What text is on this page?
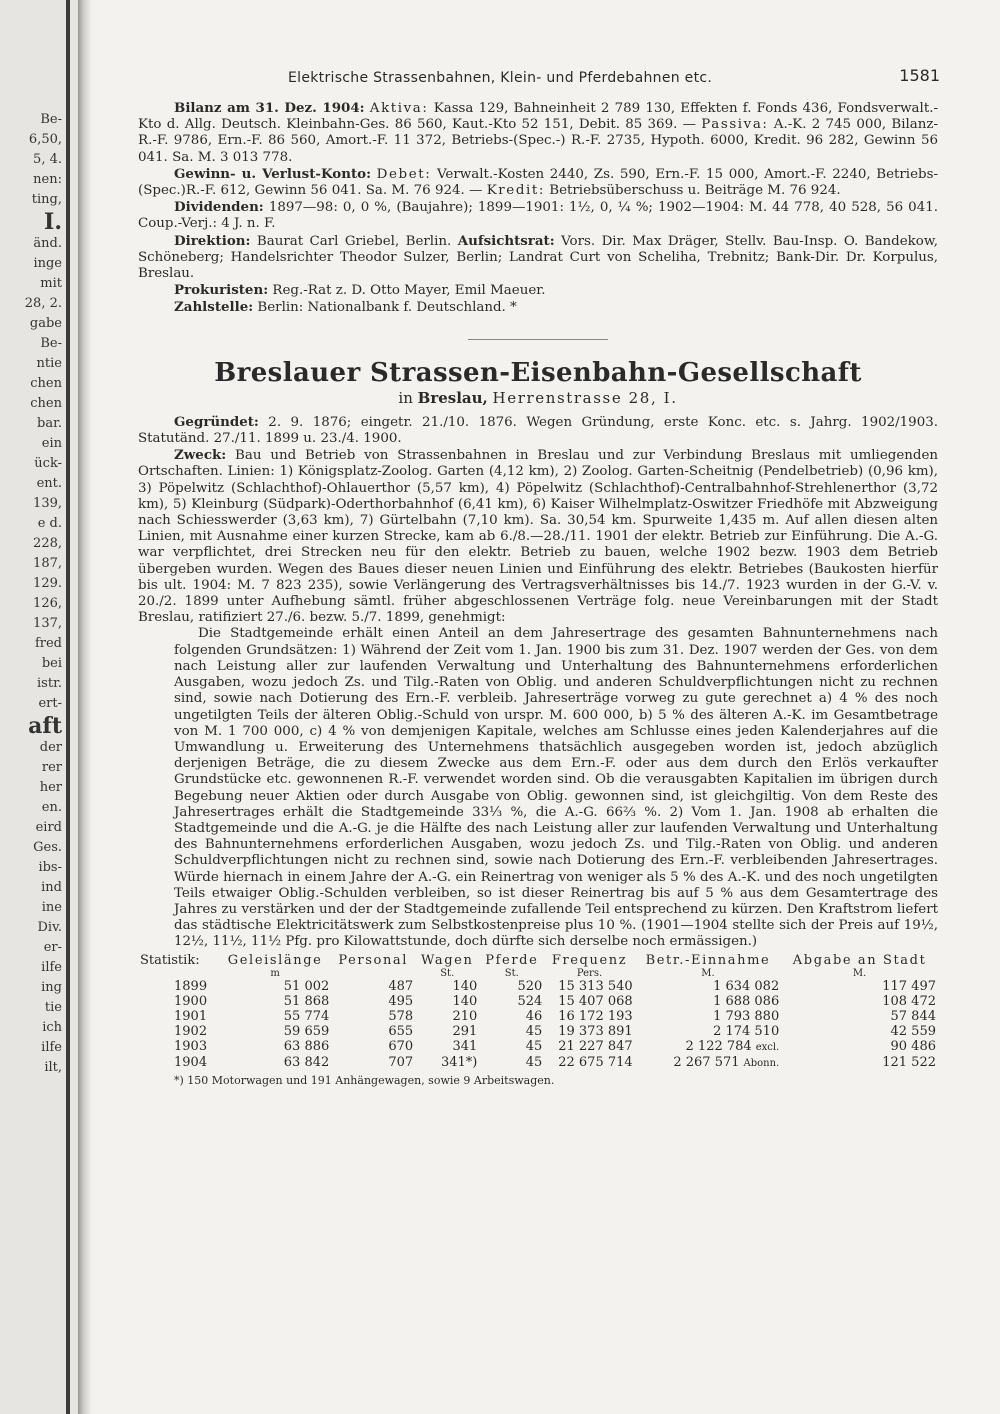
Be-
6,50,
5, 4.
nen:
ting,
I.
änd.
inge
mit
28, 2.
gabe
Be-
ntie
chen
chen
bar.
ein
ück-
ent.
139,
e d.
228,
187,
129.
126,
137,
fred
bei
istr.
ert-
aft
der
rer
her
en.
eird
Ges.
ibs-
ind
ine
Div.
er-
ilfe
ing
tie
ich
ilfe
ilt,
Elektrische Strassenbahnen, Klein- und Pferdebahnen etc.	1581

Bilanz am 31. Dez. 1904: Aktiva: Kassa 129, Bahneinheit 2 789 130, Effekten f. Fonds 436, Fondsverwalt.-Kto d. Allg. Deutsch. Kleinbahn-Ges. 86 560, Kaut.-Kto 52 151, Debit. 85 369. — Passiva: A.-K. 2 745 000, Bilanz-R.-F. 9786, Ern.-F. 86 560, Amort.-F. 11 372, Betriebs-(Spec.-) R.-F. 2735, Hypoth. 6000, Kredit. 96 282, Gewinn 56 041. Sa. M. 3 013 778.

Gewinn- u. Verlust-Konto: Debet: Verwalt.-Kosten 2440, Zs. 590, Ern.-F. 15 000, Amort.-F. 2240, Betriebs-(Spec.)R.-F. 612, Gewinn 56 041. Sa. M. 76 924. — Kredit: Betriebsüberschuss u. Beiträge M. 76 924.

Dividenden: 1897—98: 0, 0 %, (Baujahre); 1899—1901: 1½, 0, ¼ %; 1902—1904: M. 44 778, 40 528, 56 041. Coup.-Verj.: 4 J. n. F.

Direktion: Baurat Carl Griebel, Berlin. Aufsichtsrat: Vors. Dir. Max Dräger, Stellv. Bau-Insp. O. Bandekow, Schöneberg; Handelsrichter Theodor Sulzer, Berlin; Landrat Curt von Scheliha, Trebnitz; Bank-Dir. Dr. Korpulus, Breslau.

Prokuristen: Reg.-Rat z. D. Otto Mayer, Emil Maeuer.

Zahlstelle: Berlin: Nationalbank f. Deutschland. *

Breslauer Strassen-Eisenbahn-Gesellschaft
in Breslau, Herrenstrasse 28, I.

Gegründet: 2. 9. 1876; eingetr. 21./10. 1876. Wegen Gründung, erste Konc. etc. s. Jahrg. 1902/1903. Statutänd. 27./11. 1899 u. 23./4. 1900.

Zweck: Bau und Betrieb von Strassenbahnen in Breslau und zur Verbindung Breslaus mit umliegenden Ortschaften. Linien: 1) Königsplatz-Zoolog. Garten (4,12 km), 2) Zoolog. Garten-Scheitnig (Pendelbetrieb) (0,96 km), 3) Pöpelwitz (Schlachthof)-Ohlauerthor (5,57 km), 4) Pöpelwitz (Schlachthof)-Centralbahnhof-Strehlenerthor (3,72 km), 5) Kleinburg (Südpark)-Oderthorbahnhof (6,41 km), 6) Kaiser Wilhelmplatz-Oswitzer Friedhöfe mit Abzweigung nach Schiesswerder (3,63 km), 7) Gürtelbahn (7,10 km). Sa. 30,54 km. Spurweite 1,435 m. Auf allen diesen alten Linien, mit Ausnahme einer kurzen Strecke, kam ab 6./8.—28./11. 1901 der elektr. Betrieb zur Einführung. Die A.-G. war verpflichtet, drei Strecken neu für den elektr. Betrieb zu bauen, welche 1902 bezw. 1903 dem Betrieb übergeben wurden. Wegen des Baues dieser neuen Linien und Einführung des elektr. Betriebes (Baukosten hierfür bis ult. 1904: M. 7 823 235), sowie Verlängerung des Vertragsverhältnisses bis 14./7. 1923 wurden in der G.-V. v. 20./2. 1899 unter Aufhebung sämtl. früher abgeschlossenen Verträge folg. neue Vereinbarungen mit der Stadt Breslau, ratifiziert 27./6. bezw. 5./7. 1899, genehmigt:

Die Stadtgemeinde erhält einen Anteil an dem Jahresertrage des gesamten Bahnunternehmens nach folgenden Grundsätzen: 1) Während der Zeit vom 1. Jan. 1900 bis zum 31. Dez. 1907 werden der Ges. von dem nach Leistung aller zur laufenden Verwaltung und Unterhaltung des Bahnunternehmens erforderlichen Ausgaben, wozu jedoch Zs. und Tilg.-Raten von Oblig. und anderen Schuldverpflichtungen nicht zu rechnen sind, sowie nach Dotierung des Ern.-F. verbleib. Jahreserträge vorweg zu gute gerechnet a) 4 % des noch ungetilgten Teils der älteren Oblig.-Schuld von urspr. M. 600 000, b) 5 % des älteren A.-K. im Gesamtbetrage von M. 1 700 000, c) 4 % von demjenigen Kapitale, welches am Schlusse eines jeden Kalenderjahres auf die Umwandlung u. Erweiterung des Unternehmens thatsächlich ausgegeben worden ist, jedoch abzüglich derjenigen Beträge, die zu diesem Zwecke aus dem Ern.-F. oder aus dem durch den Erlös verkaufter Grundstücke etc. gewonnenen R.-F. verwendet worden sind. Ob die verausgabten Kapitalien im übrigen durch Begebung neuer Aktien oder durch Ausgabe von Oblig. gewonnen sind, ist gleichgiltig. Von dem Reste des Jahresertrages erhält die Stadtgemeinde 33⅓ %, die A.-G. 66⅔ %. 2) Vom 1. Jan. 1908 ab erhalten die Stadtgemeinde und die A.-G. je die Hälfte des nach Leistung aller zur laufenden Verwaltung und Unterhaltung des Bahnunternehmens erforderlichen Ausgaben, wozu jedoch Zs. und Tilg.-Raten von Oblig. und anderen Schuldverpflichtungen nicht zu rechnen sind, sowie nach Dotierung des Ern.-F. verbleibenden Jahresertrages. Würde hiernach in einem Jahre der A.-G. ein Reinertrag von weniger als 5 % des A.-K. und des noch ungetilgten Teils etwaiger Oblig.-Schulden verbleiben, so ist dieser Reinertrag bis auf 5 % aus dem Gesamtertrage des Jahres zu verstärken und der der Stadtgemeinde zufallende Teil entsprechend zu kürzen. Den Kraftstrom liefert das städtische Elektricitätswerk zum Selbstkostenpreise plus 10 %. (1901—1904 stellte sich der Preis auf 19½, 12½, 11½, 11½ Pfg. pro Kilowattstunde, doch dürfte sich derselbe noch ermässigen.)

Statistik:	Geleislänge	Personal	Wagen	Pferde	Frequenz	Betr.-Einnahme	Abgabe an Stadt
	m		St.	St.	Pers.	M.	M.
1899	51 002	487	140	520	15 313 540	1 634 082	117 497
1900	51 868	495	140	524	15 407 068	1 688 086	108 472
1901	55 774	578	210	46	16 172 193	1 793 880	57 844
1902	59 659	655	291	45	19 373 891	2 174 510	42 559
1903	63 886	670	341	45	21 227 847	2 122 784 excl.	90 486
1904	63 842	707	341*)	45	22 675 714	2 267 571 Abonn.	121 522
*) 150 Motorwagen und 191 Anhängewagen, sowie 9 Arbeitswagen.
